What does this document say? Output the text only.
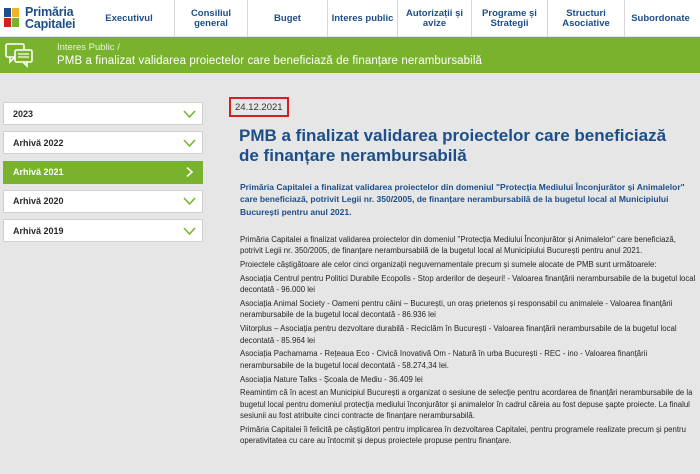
Primăria
Capitalei	Executivul	Consiliul general	Buget	Interes public	Autorizații și avize
Programe și Strategii
Structuri Asociative	Subordonate
Interes Public /
PMB a finalizat validarea proiectelor care beneficiază de finanțare nerambursabilă
2023
Arhivă 2022
Arhivă 2021
Arhivă 2020
Arhivă 2019
24.12.2021
PMB a finalizat validarea proiectelor care beneficiază de finanțare nerambursabilă
Primăria Capitalei a finalizat validarea proiectelor din domeniul "Protecția Mediului Înconjurător și Animalelor" care beneficiază, potrivit Legii nr. 350/2005, de finanțare nerambursabilă de la bugetul local al Municipiului București pentru anul 2021.

Primăria Capitalei a finalizat validarea proiectelor din domeniul "Protecția Mediului Înconjurător și Animalelor" care beneficiază, potrivit Legii nr. 350/2005, de finanțare nerambursabilă de la bugetul local al Municipiului București pentru anul 2021.

Proiectele câștigătoare ale celor cinci organizații neguvernamentale precum și sumele alocate de PMB sunt următoarele:

Asociația Centrul pentru Politici Durabile Ecopolis - Stop arderilor de deșeuri! - Valoarea finanțării nerambursabile de la bugetul local decontată - 96.000 lei

Asociația Animal Society - Oameni pentru câini – București, un oraș prietenos și responsabil cu animalele - Valoarea finanțării nerambursabile de la bugetul local decontată - 86.936 lei

Viitorplus – Asociația pentru dezvoltare durabilă - Reciclăm în București - Valoarea finanțării nerambursabile de la bugetul local decontată - 85.964 lei

Asociația Pachamama - Rețeaua Eco - Civică Inovativă Om - Natură în urba București - REC - ino - Valoarea finanțării nerambursabile de la bugetul local decontată - 58.274,34 lei.

Asociația Nature Talks - Școala de Mediu - 36.409 lei

Reamintim că în acest an Municipiul București a organizat o sesiune de selecție pentru acordarea de finanțări nerambursabile de la bugetul local pentru domeniul protecția mediului înconjurător și animalelor în cadrul căreia au fost depuse șapte proiecte. La finalul sesiunii au fost atribuite cinci contracte de finanțare nerambursabilă.

Primăria Capitalei îi felicită pe câștigători pentru implicarea în dezvoltarea Capitalei, pentru programele realizate precum și pentru operativitatea cu care au întocmit și depus proiectele propuse pentru finanțare.
